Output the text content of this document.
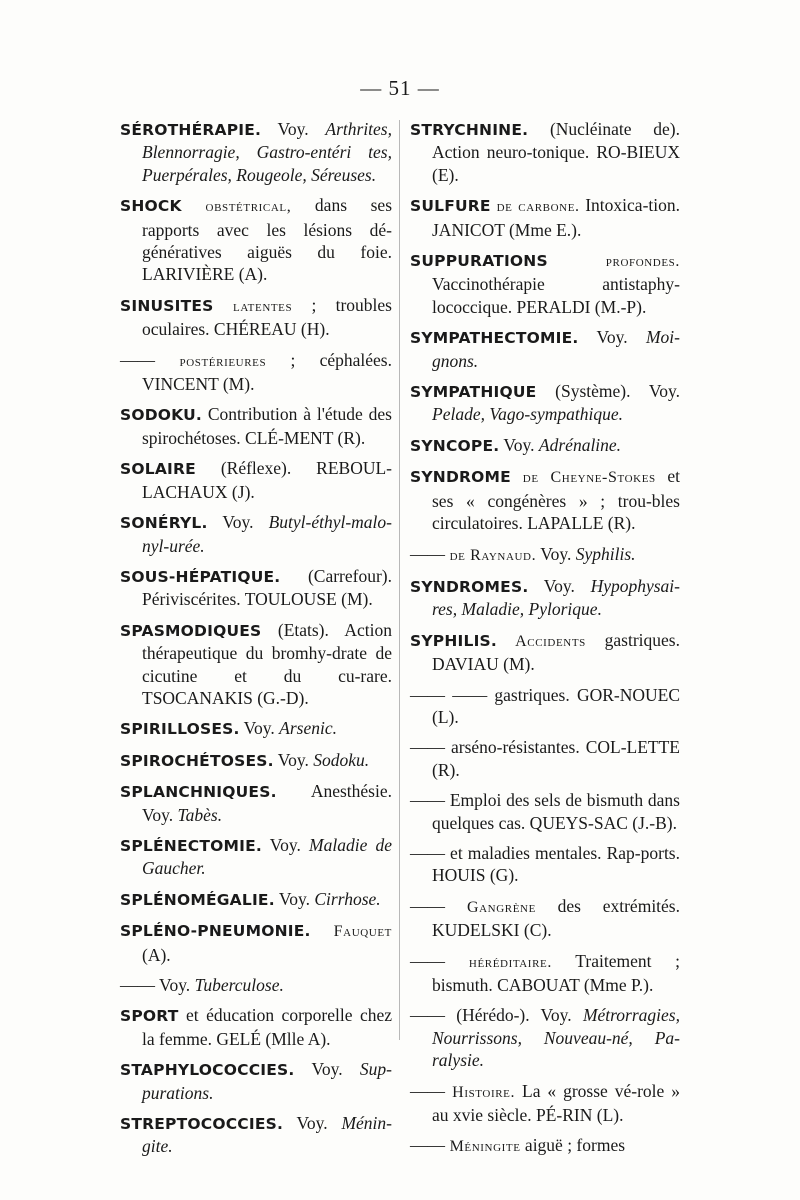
— 51 —
SÉROTHÉRAPIE. Voy. Arthrites, Blennorragie, Gastro-entéri tes, Puerpérales, Rougeole, Séreuses.
SHOCK obstétrical, dans ses rapports avec les lésions dé-génératives aiguës du foie. LARIVIÈRE (A).
SINUSITES latentes ; troubles oculaires. CHÉREAU (H).
—— postérieures ; céphalées. VINCENT (M).
SODOKU. Contribution à l'étude des spirochétoses. CLÉ-MENT (R).
SOLAIRE (Réflexe). REBOUL-LACHAUX (J).
SONÉRYL. Voy. Butyl-éthyl-malo-nyl-urée.
SOUS-HÉPATIQUE. (Carrefour). Périviscérites. TOULOUSE (M).
SPASMODIQUES (Etats). Action thérapeutique du bromhy-drate de cicutine et du cu-rare. TSOCANAKIS (G.-D).
SPIRILLOSES. Voy. Arsenic.
SPIROCHÉTOSES. Voy. Sodoku.
SPLANCHNIQUES. Anesthésie. Voy. Tabès.
SPLÉNECTOMIE. Voy. Maladie de Gaucher.
SPLÉNOMÉGALIE. Voy. Cirrhose.
SPLÉNO-PNEUMONIE. Fauquet (A).
—— Voy. Tuberculose.
SPORT et éducation corporelle chez la femme. GELÉ (Mlle A).
STAPHYLOCOCCIES. Voy. Sup-purations.
STREPTOCOCCIES. Voy. Ménin-gite.
STRYCHNINE. (Nucléinate de). Action neuro-tonique. RO-BIEUX (E).
SULFURE de carbone. Intoxica-tion. JANICOT (Mme E.).
SUPPURATIONS profondes. Vaccinothérapie antistaphy-lococcique. PERALDI (M.-P).
SYMPATHECTOMIE. Voy. Moi-gnons.
SYMPATHIQUE (Système). Voy. Pelade, Vago-sympathique.
SYNCOPE. Voy. Adrénaline.
SYNDROME de Cheyne-Stokes et ses « congénères » ; trou-bles circulatoires. LAPALLE (R).
—— de Raynaud. Voy. Syphilis.
SYNDROMES. Voy. Hypophysai-res, Maladie, Pylorique.
SYPHILIS. Accidents gastriques. DAVIAU (M).
—— —— gastriques. GOR-NOUEC (L).
—— arséno-résistantes. COL-LETTE (R).
—— Emploi des sels de bismuth dans quelques cas. QUEYS-SAC (J.-B).
—— et maladies mentales. Rap-ports. HOUIS (G).
—— Gangrène des extrémités. KUDELSKI (C).
—— héréditaire. Traitement ; bismuth. CABOUAT (Mme P.).
—— (Hérédo-). Voy. Métrorragies, Nourrissons, Nouveau-né, Pa-ralysie.
—— Histoire. La « grosse vé-role » au xvie siècle. PÉ-RIN (L).
—— Méningite aiguë ; formes
